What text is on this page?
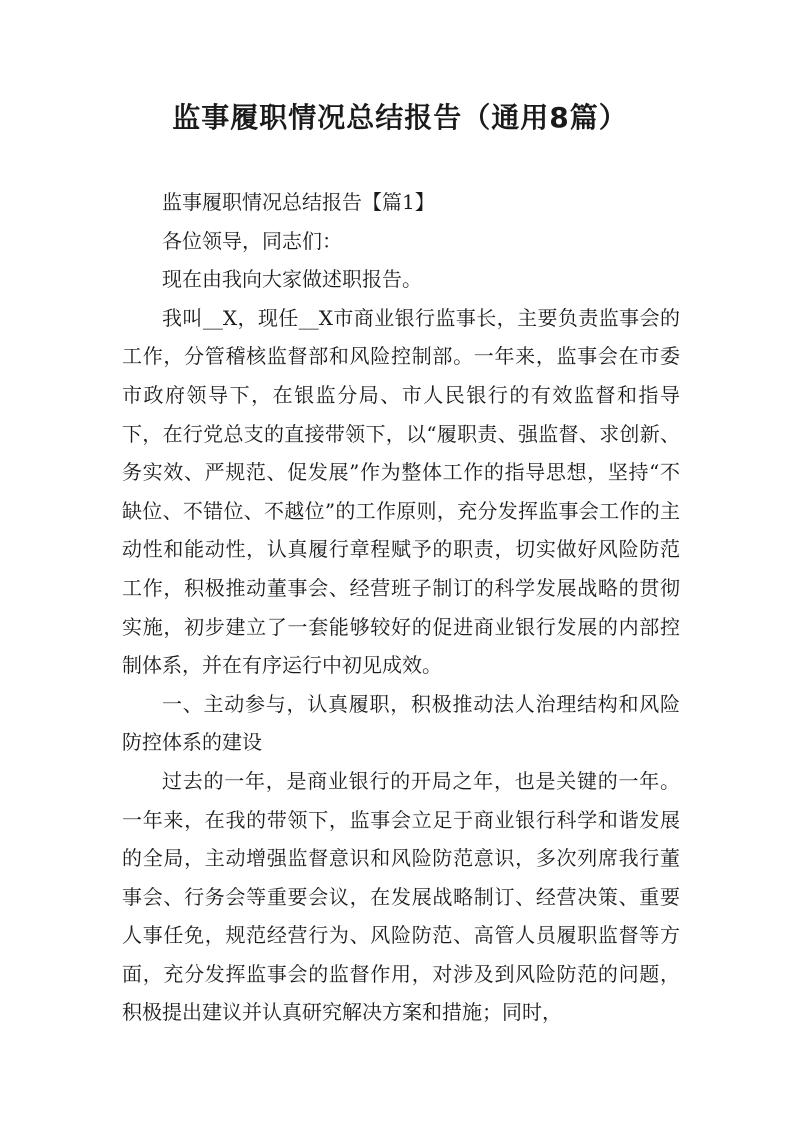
监事履职情况总结报告（通用8篇）

监事履职情况总结报告【篇1】

各位领导，同志们：

现在由我向大家做述职报告。

我叫__X，现任__X市商业银行监事长，主要负责监事会的工作，分管稽核监督部和风险控制部。一年来，监事会在市委市政府领导下，在银监分局、市人民银行的有效监督和指导下，在行党总支的直接带领下，以“履职责、强监督、求创新、务实效、严规范、促发展”作为整体工作的指导思想，坚持“不缺位、不错位、不越位”的工作原则，充分发挥监事会工作的主动性和能动性，认真履行章程赋予的职责，切实做好风险防范工作，积极推动董事会、经营班子制订的科学发展战略的贯彻实施，初步建立了一套能够较好的促进商业银行发展的内部控制体系，并在有序运行中初见成效。

一、主动参与，认真履职，积极推动法人治理结构和风险防控体系的建设

过去的一年，是商业银行的开局之年，也是关键的一年。一年来，在我的带领下，监事会立足于商业银行科学和谐发展的全局，主动增强监督意识和风险防范意识，多次列席我行董事会、行务会等重要会议，在发展战略制订、经营决策、重要人事任免，规范经营行为、风险防范、高管人员履职监督等方面，充分发挥监事会的监督作用，对涉及到风险防范的问题，积极提出建议并认真研究解决方案和措施；同时，
